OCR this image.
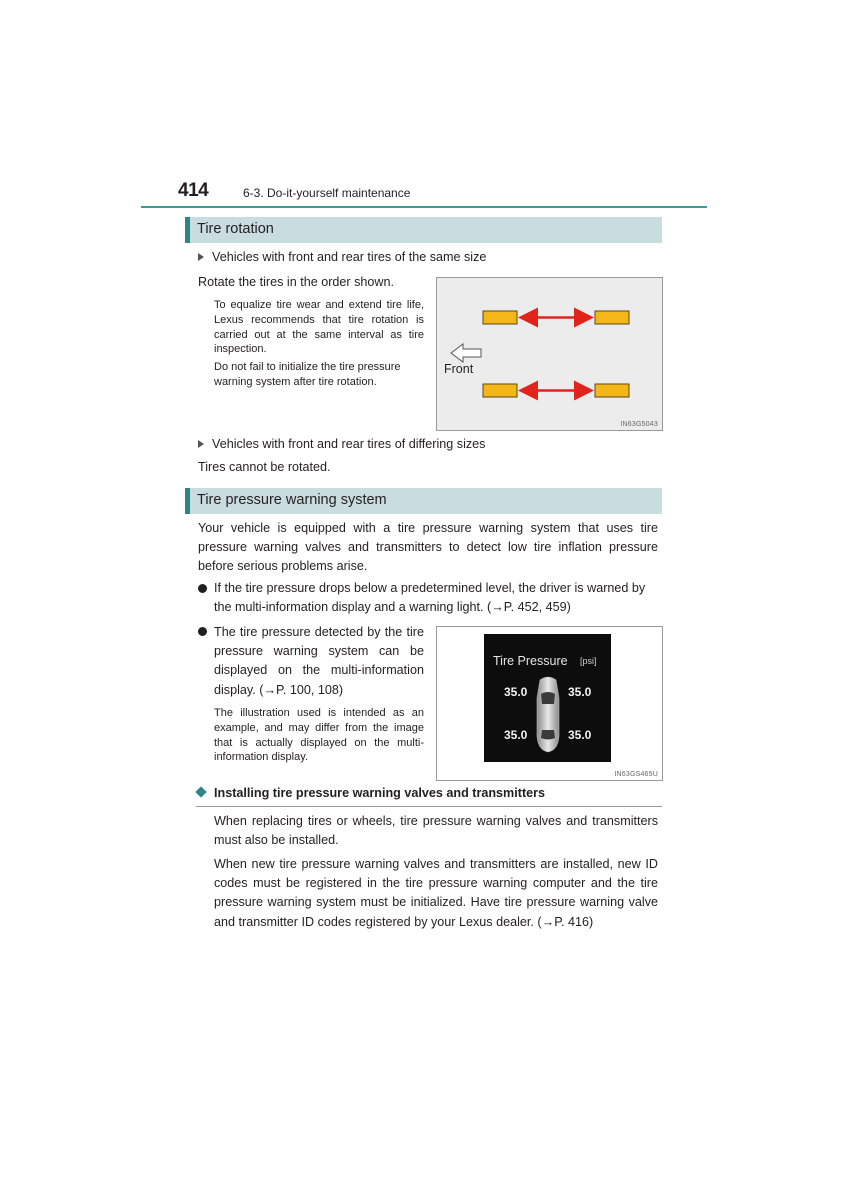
414	6-3. Do-it-yourself maintenance
Tire rotation
Vehicles with front and rear tires of the same size
Rotate the tires in the order shown.
To equalize tire wear and extend tire life, Lexus recommends that tire rotation is carried out at the same interval as tire inspection.
Do not fail to initialize the tire pressure warning system after tire rotation.
Front
IN63G5043
Vehicles with front and rear tires of differing sizes
Tires cannot be rotated.
Tire pressure warning system
Your vehicle is equipped with a tire pressure warning system that uses tire pressure warning valves and transmitters to detect low tire inflation pressure before serious problems arise.
If the tire pressure drops below a predetermined level, the driver is warned by the multi-information display and a warning light. (→P. 452, 459)
The tire pressure detected by the tire pressure warning system can be displayed on the multi-information display. (→P. 100, 108)
The illustration used is intended as an example, and may differ from the image that is actually displayed on the multi-information display.
Tire Pressure [psi]
35.0	35.0
35.0	35.0
IN63GS465U
Installing tire pressure warning valves and transmitters
When replacing tires or wheels, tire pressure warning valves and transmitters must also be installed.
When new tire pressure warning valves and transmitters are installed, new ID codes must be registered in the tire pressure warning computer and the tire pressure warning system must be initialized. Have tire pressure warning valve and transmitter ID codes registered by your Lexus dealer. (→P. 416)
